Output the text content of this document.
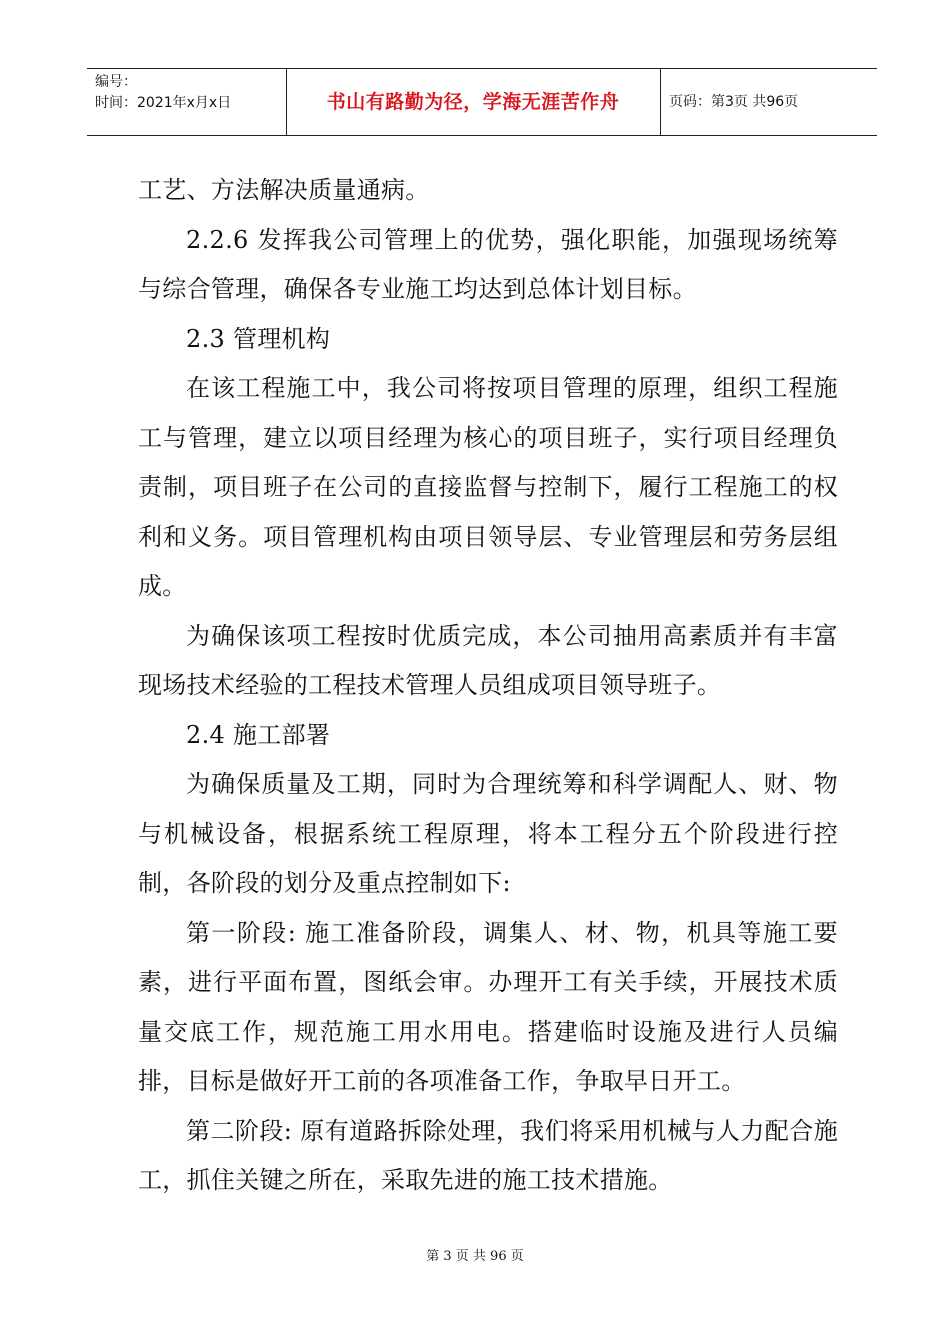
编号：
时间：2021年x月x日	书山有路勤为径，学海无涯苦作舟	页码：第3页 共96页

工艺、方法解决质量通病。

2.2.6 发挥我公司管理上的优势，强化职能，加强现场统筹与综合管理，确保各专业施工均达到总体计划目标。

2.3 管理机构

在该工程施工中，我公司将按项目管理的原理，组织工程施工与管理，建立以项目经理为核心的项目班子，实行项目经理负责制，项目班子在公司的直接监督与控制下，履行工程施工的权利和义务。项目管理机构由项目领导层、专业管理层和劳务层组成。

为确保该项工程按时优质完成，本公司抽用高素质并有丰富现场技术经验的工程技术管理人员组成项目领导班子。

2.4 施工部署

为确保质量及工期，同时为合理统筹和科学调配人、财、物与机械设备，根据系统工程原理，将本工程分五个阶段进行控制，各阶段的划分及重点控制如下:

第一阶段: 施工准备阶段，调集人、材、物，机具等施工要素，进行平面布置，图纸会审。办理开工有关手续，开展技术质量交底工作，规范施工用水用电。搭建临时设施及进行人员编排，目标是做好开工前的各项准备工作，争取早日开工。

第二阶段: 原有道路拆除处理，我们将采用机械与人力配合施工，抓住关键之所在，采取先进的施工技术措施。

第 3 页 共 96 页
